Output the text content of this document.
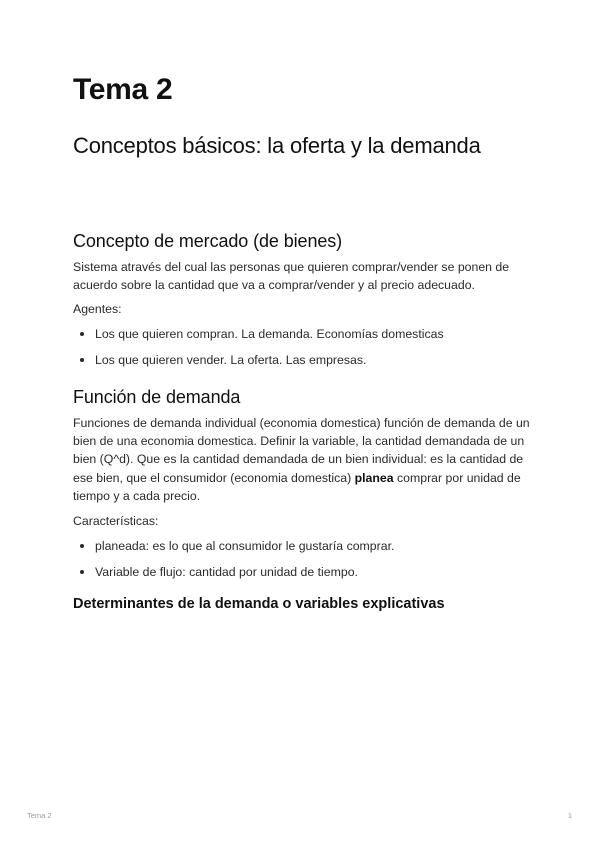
Tema 2
Conceptos básicos: la oferta y la demanda
Concepto de mercado (de bienes)

Sistema através del cual las personas que quieren comprar/vender se ponen de acuerdo sobre la cantidad que va a comprar/vender y al precio adecuado.

Agentes:

Los que quieren compran. La demanda. Economías domesticas
Los que quieren vender. La oferta. Las empresas.
Función de demanda

Funciones de demanda individual (economia domestica) función de demanda de un bien de una economia domestica. Definir la variable, la cantidad demandada de un bien (Q^d). Que es la cantidad demandada de un bien individual: es la cantidad de ese bien, que el consumidor (economia domestica) planea comprar por unidad de tiempo y a cada precio.

Características:

planeada: es lo que al consumidor le gustaría comprar.
Variable de flujo: cantidad por unidad de tiempo.
Determinantes de la demanda o variables explicativas
Tema 2	1
